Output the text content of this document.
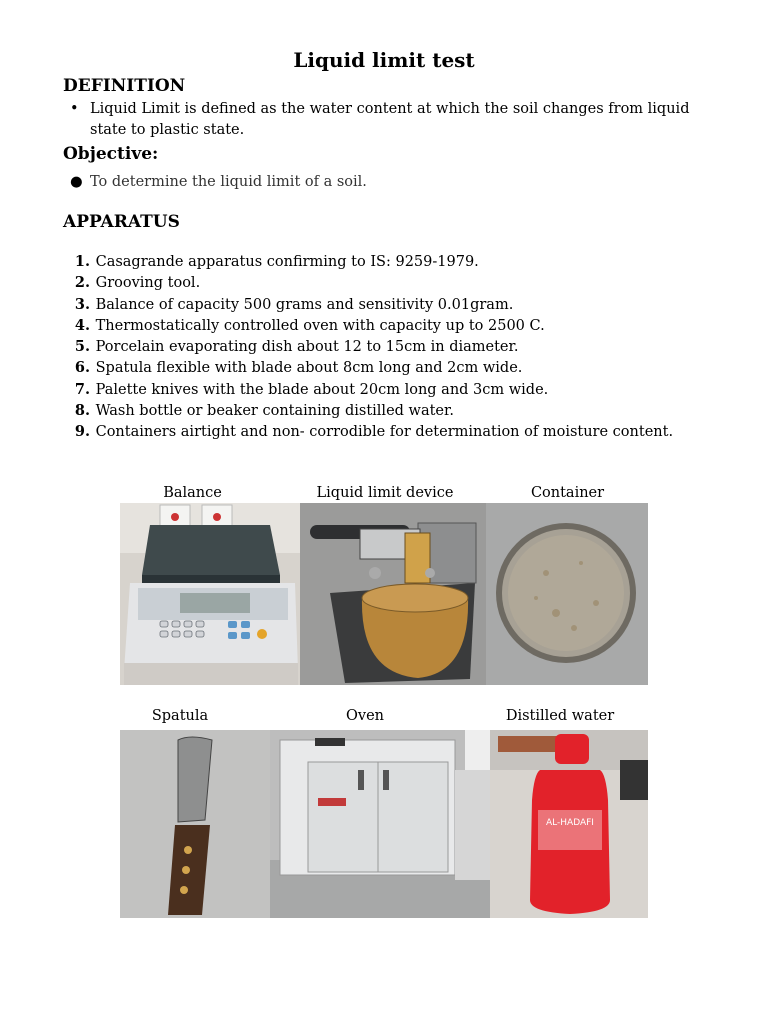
Liquid limit test
DEFINITION
• Liquid Limit is defined as the water content at which the soil changes from liquid
state to plastic state.
Objective:
● To determine the liquid limit of a soil.
APPARATUS
1. Casagrande apparatus confirming to IS: 9259-1979.
2. Grooving tool.
3. Balance of capacity 500 grams and sensitivity 0.01gram.
4. Thermostatically controlled oven with capacity up to 2500 C.
5. Porcelain evaporating dish about 12 to 15cm in diameter.
6. Spatula flexible with blade about 8cm long and 2cm wide.
7. Palette knives with the blade about 20cm long and 3cm wide.
8. Wash bottle or beaker containing distilled water.
9. Containers airtight and non- corrodible for determination of moisture content.
Balance	Liquid limit device	Container
Spatula	Oven	Distilled water
AL-HADAFI
